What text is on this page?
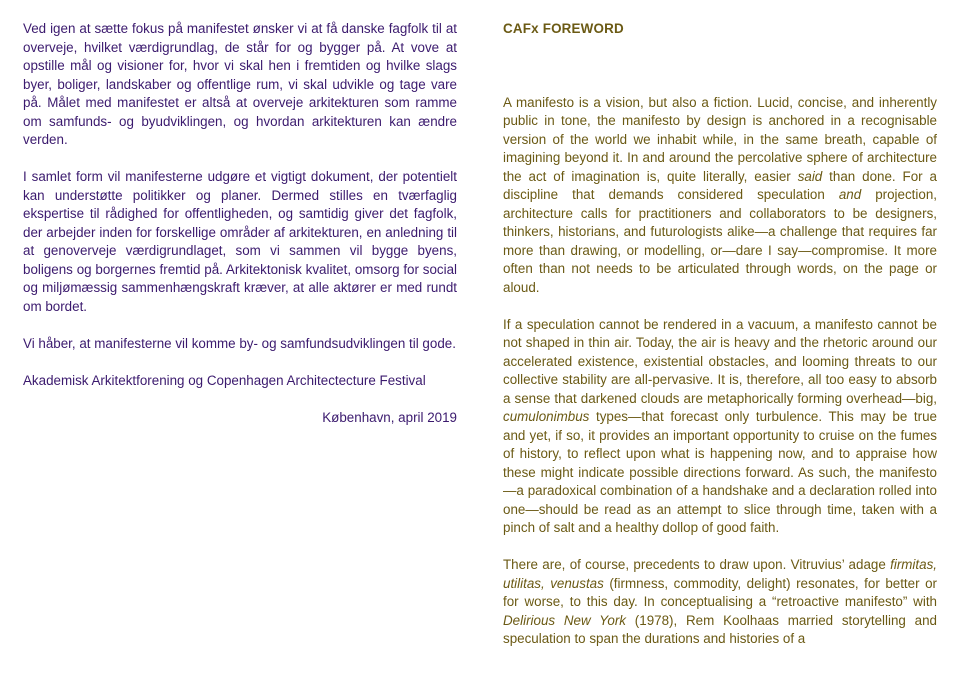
Ved igen at sætte fokus på manifestet ønsker vi at få danske fagfolk til at overveje, hvilket værdigrundlag, de står for og bygger på. At vove at opstille mål og visioner for, hvor vi skal hen i fremtiden og hvilke slags byer, boliger, landskaber og offentlige rum, vi skal udvikle og tage vare på. Målet med manifestet er altså at overveje arkitekturen som ramme om samfunds- og byudviklingen, og hvordan arkitekturen kan ændre verden.

I samlet form vil manifesterne udgøre et vigtigt dokument, der potentielt kan understøtte politikker og planer. Dermed stilles en tværfaglig ekspertise til rådighed for offentligheden, og samtidig giver det fagfolk, der arbejder inden for forskellige områder af arkitekturen, en anledning til at genoverveje værdigrundlaget, som vi sammen vil bygge byens, boligens og borgernes fremtid på. Arkitektonisk kvalitet, omsorg for social og miljømæssig sammenhængskraft kræver, at alle aktører er med rundt om bordet.

Vi håber, at manifesterne vil komme by- og samfundsudviklingen til gode.

Akademisk Arkitektforening og Copenhagen Architectecture Festival

København, april 2019

CAFx FOREWORD

A manifesto is a vision, but also a fiction. Lucid, concise, and inherently public in tone, the manifesto by design is anchored in a recognisable version of the world we inhabit while, in the same breath, capable of imagining beyond it. In and around the percolative sphere of architecture the act of imagination is, quite literally, easier said than done. For a discipline that demands considered speculation and projection, architecture calls for practitioners and collaborators to be designers, thinkers, historians, and futurologists alike—a challenge that requires far more than drawing, or modelling, or—dare I say—compromise. It more often than not needs to be articulated through words, on the page or aloud.

If a speculation cannot be rendered in a vacuum, a manifesto cannot be not shaped in thin air. Today, the air is heavy and the rhetoric around our accelerated existence, existential obstacles, and looming threats to our collective stability are all-pervasive. It is, therefore, all too easy to absorb a sense that darkened clouds are metaphorically forming overhead—big, cumulonimbus types—that forecast only turbulence. This may be true and yet, if so, it provides an important opportunity to cruise on the fumes of history, to reflect upon what is happening now, and to appraise how these might indicate possible directions forward. As such, the manifesto—a paradoxical combination of a handshake and a declaration rolled into one—should be read as an attempt to slice through time, taken with a pinch of salt and a healthy dollop of good faith.

There are, of course, precedents to draw upon. Vitruvius’ adage firmitas, utilitas, venustas (firmness, commodity, delight) resonates, for better or for worse, to this day. In conceptualising a “retroactive manifesto” with Delirious New York (1978), Rem Koolhaas married storytelling and speculation to span the durations and histories of a
